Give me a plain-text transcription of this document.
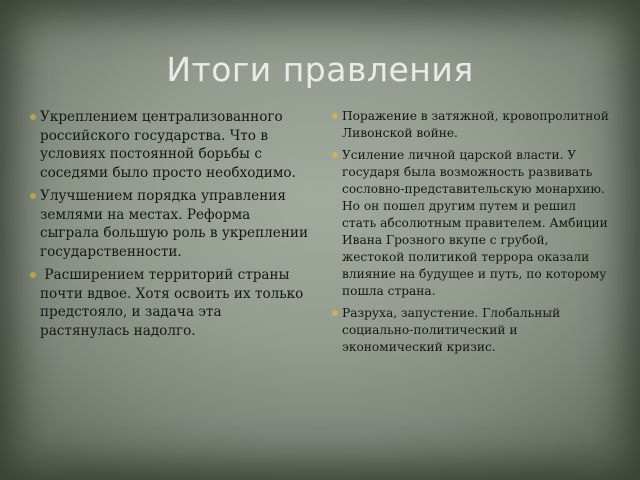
Итоги правления
Укреплением централизованного российского государства. Что в условиях постоянной борьбы с соседями было просто необходимо.
Улучшением порядка управления землями на местах. Реформа сыграла большую роль в укреплении государственности.
Расширением территорий страны почти вдвое. Хотя освоить их только предстояло, и задача эта растянулась надолго.
Поражение в затяжной, кровопролитной Ливонской войне.
Усиление личной царской власти. У государя была возможность развивать сословно-представительскую монархию. Но он пошел другим путем и решил стать абсолютным правителем. Амбиции Ивана Грозного вкупе с грубой, жестокой политикой террора оказали влияние на будущее и путь, по которому пошла страна.
Разруха, запустение. Глобальный социально-политический и экономический кризис.
